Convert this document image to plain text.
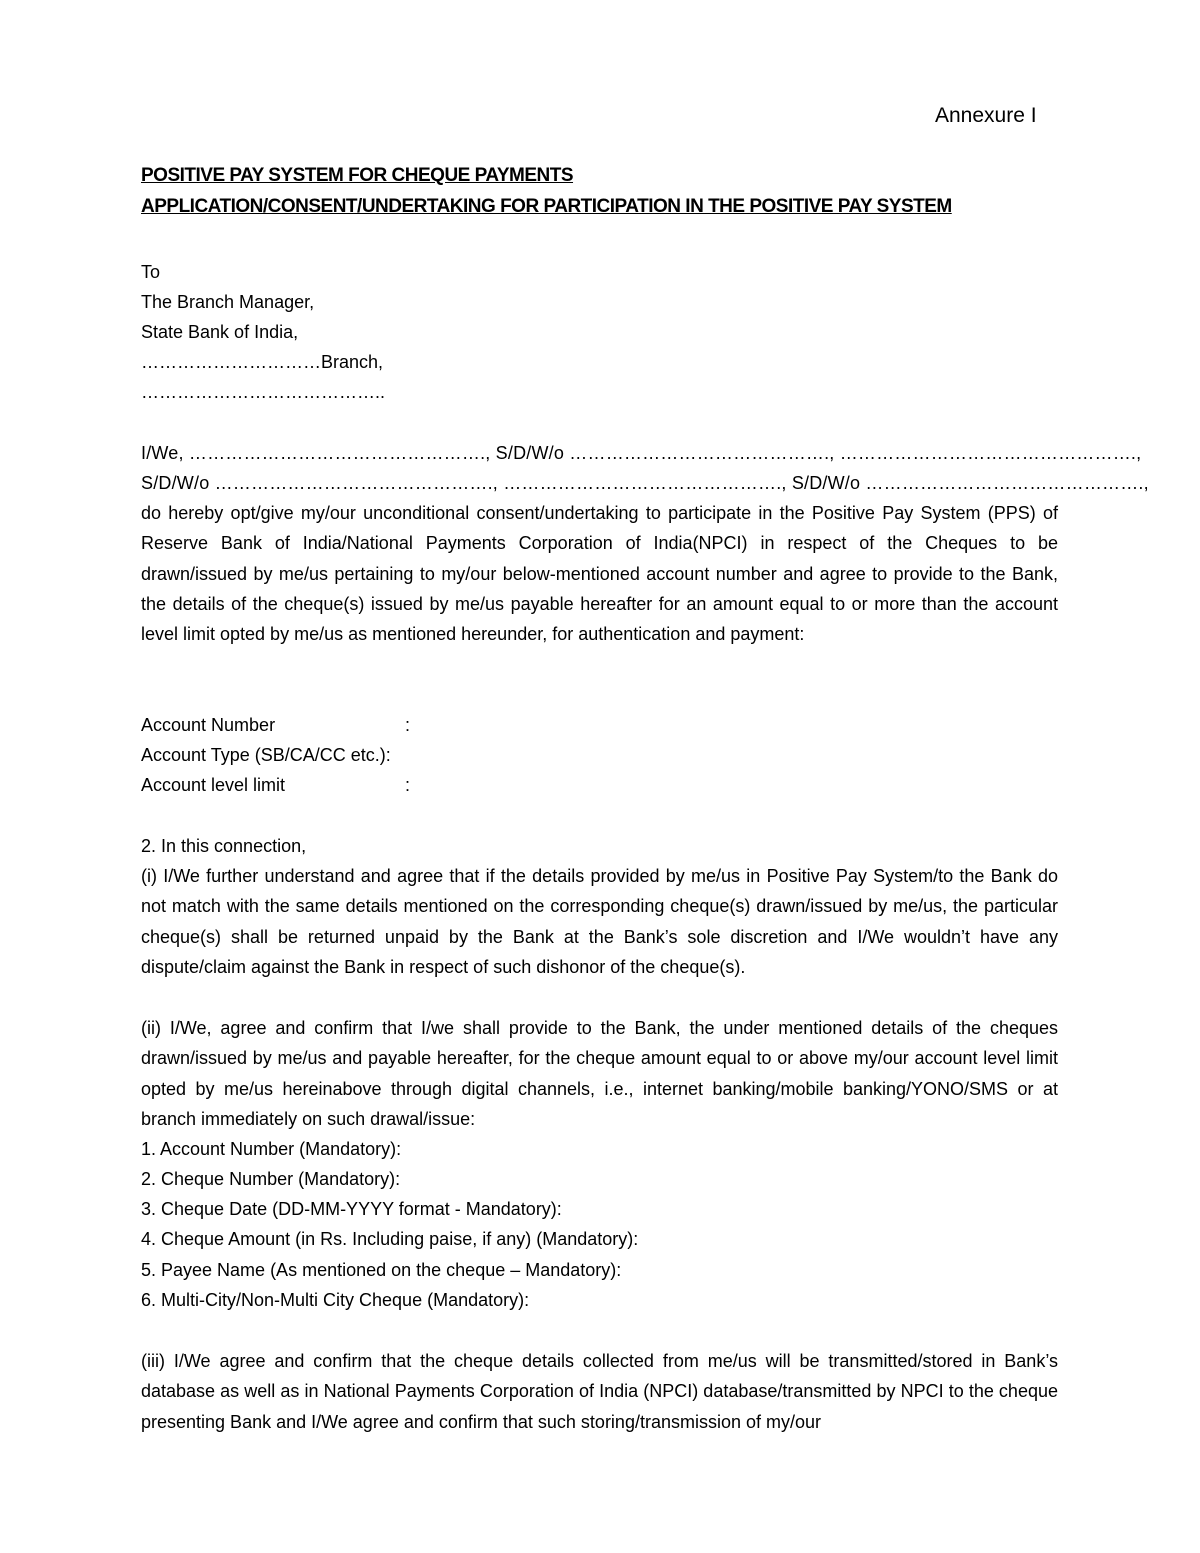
Annexure I
POSITIVE PAY SYSTEM FOR CHEQUE PAYMENTS
APPLICATION/CONSENT/UNDERTAKING FOR PARTICIPATION IN THE POSITIVE PAY SYSTEM
To
The Branch Manager,
State Bank of India,
…………………………Branch,
…………………………………..
I/We, …………………………………………., S/D/W/o ……………………………………., ………………………………………….,
S/D/W/o ………………………………………., ………………………………………., S/D/W/o ……………………………………….,
do hereby opt/give my/our unconditional consent/undertaking to participate in the Positive Pay System (PPS) of Reserve Bank of India/National Payments Corporation of India(NPCI) in respect of the Cheques to be drawn/issued by me/us pertaining to my/our below-mentioned account number and agree to provide to the Bank, the details of the cheque(s) issued by me/us payable hereafter for an amount equal to or more than the account level limit opted by me/us as mentioned hereunder, for authentication and payment:
Account Number	:
Account Type (SB/CA/CC etc.):
Account level limit	:
2. In this connection,
(i) I/We further understand and agree that if the details provided by me/us in Positive Pay System/to the Bank do not match with the same details mentioned on the corresponding cheque(s) drawn/issued by me/us, the particular cheque(s) shall be returned unpaid by the Bank at the Bank’s sole discretion and I/We wouldn’t have any dispute/claim against the Bank in respect of such dishonor of the cheque(s).
(ii) I/We, agree and confirm that I/we shall provide to the Bank, the under mentioned details of the cheques drawn/issued by me/us and payable hereafter, for the cheque amount equal to or above my/our account level limit opted by me/us hereinabove through digital channels, i.e., internet banking/mobile banking/YONO/SMS or at branch immediately on such drawal/issue:
1. Account Number (Mandatory):
2. Cheque Number (Mandatory):
3. Cheque Date (DD-MM-YYYY format - Mandatory):
4. Cheque Amount (in Rs. Including paise, if any) (Mandatory):
5. Payee Name (As mentioned on the cheque – Mandatory):
6. Multi-City/Non-Multi City Cheque (Mandatory):
(iii) I/We agree and confirm that the cheque details collected from me/us will be transmitted/stored in Bank’s database as well as in National Payments Corporation of India (NPCI) database/transmitted by NPCI to the cheque presenting Bank and I/We agree and confirm that such storing/transmission of my/our
